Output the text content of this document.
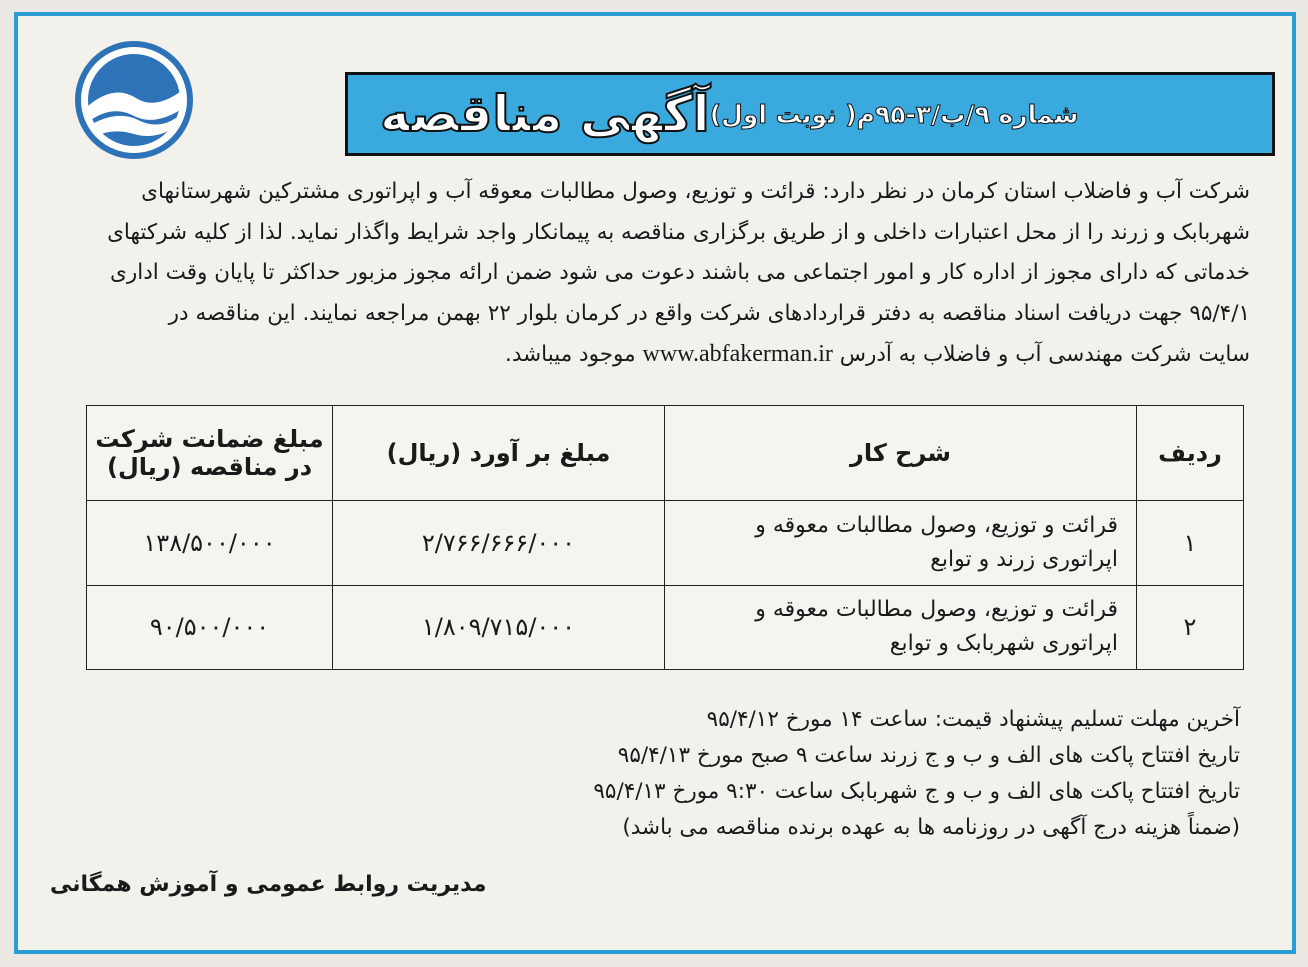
آگهی مناقصه شماره ۹/ب/۳-۹۵م( نوبت اول)
شرکت آب و فاضلاب استان کرمان در نظر دارد: قرائت و توزیع، وصول مطالبات معوقه آب و اپراتوری مشترکین شهرستانهای
شهربابک و زرند را از محل اعتبارات داخلی و از طریق برگزاری مناقصه به پیمانکار واجد شرایط واگذار نماید. لذا از کلیه شرکتهای
خدماتی که دارای مجوز از اداره کار و امور اجتماعی می باشند دعوت می شود ضمن ارائه مجوز مزبور حداکثر تا پایان وقت اداری
۹۵/۴/۱ جهت دریافت اسناد مناقصه به دفتر قراردادهای شرکت واقع در کرمان بلوار ۲۲ بهمن مراجعه نمایند. این مناقصه در
سایت شرکت مهندسی آب و فاضلاب به آدرس www.abfakerman.ir موجود میباشد.
ردیف	شرح کار	مبلغ بر آورد (ریال)	مبلغ ضمانت شرکت در مناقصه (ریال)
۱	قرائت و توزیع، وصول مطالبات معوقه و اپراتوری زرند و توابع	۲/۷۶۶/۶۶۶/۰۰۰	۱۳۸/۵۰۰/۰۰۰
۲	قرائت و توزیع، وصول مطالبات معوقه و اپراتوری شهربابک و توابع	۱/۸۰۹/۷۱۵/۰۰۰	۹۰/۵۰۰/۰۰۰
آخرین مهلت تسلیم پیشنهاد قیمت: ساعت ۱۴ مورخ ۹۵/۴/۱۲
تاریخ افتتاح پاکت های الف و ب و ج زرند ساعت ۹ صبح مورخ ۹۵/۴/۱۳
تاریخ افتتاح پاکت های الف و ب و ج شهربابک ساعت ۹:۳۰ مورخ ۹۵/۴/۱۳
(ضمناً هزینه درج آگهی در روزنامه ها به عهده برنده مناقصه می باشد)
مدیریت روابط عمومی و آموزش همگانی
